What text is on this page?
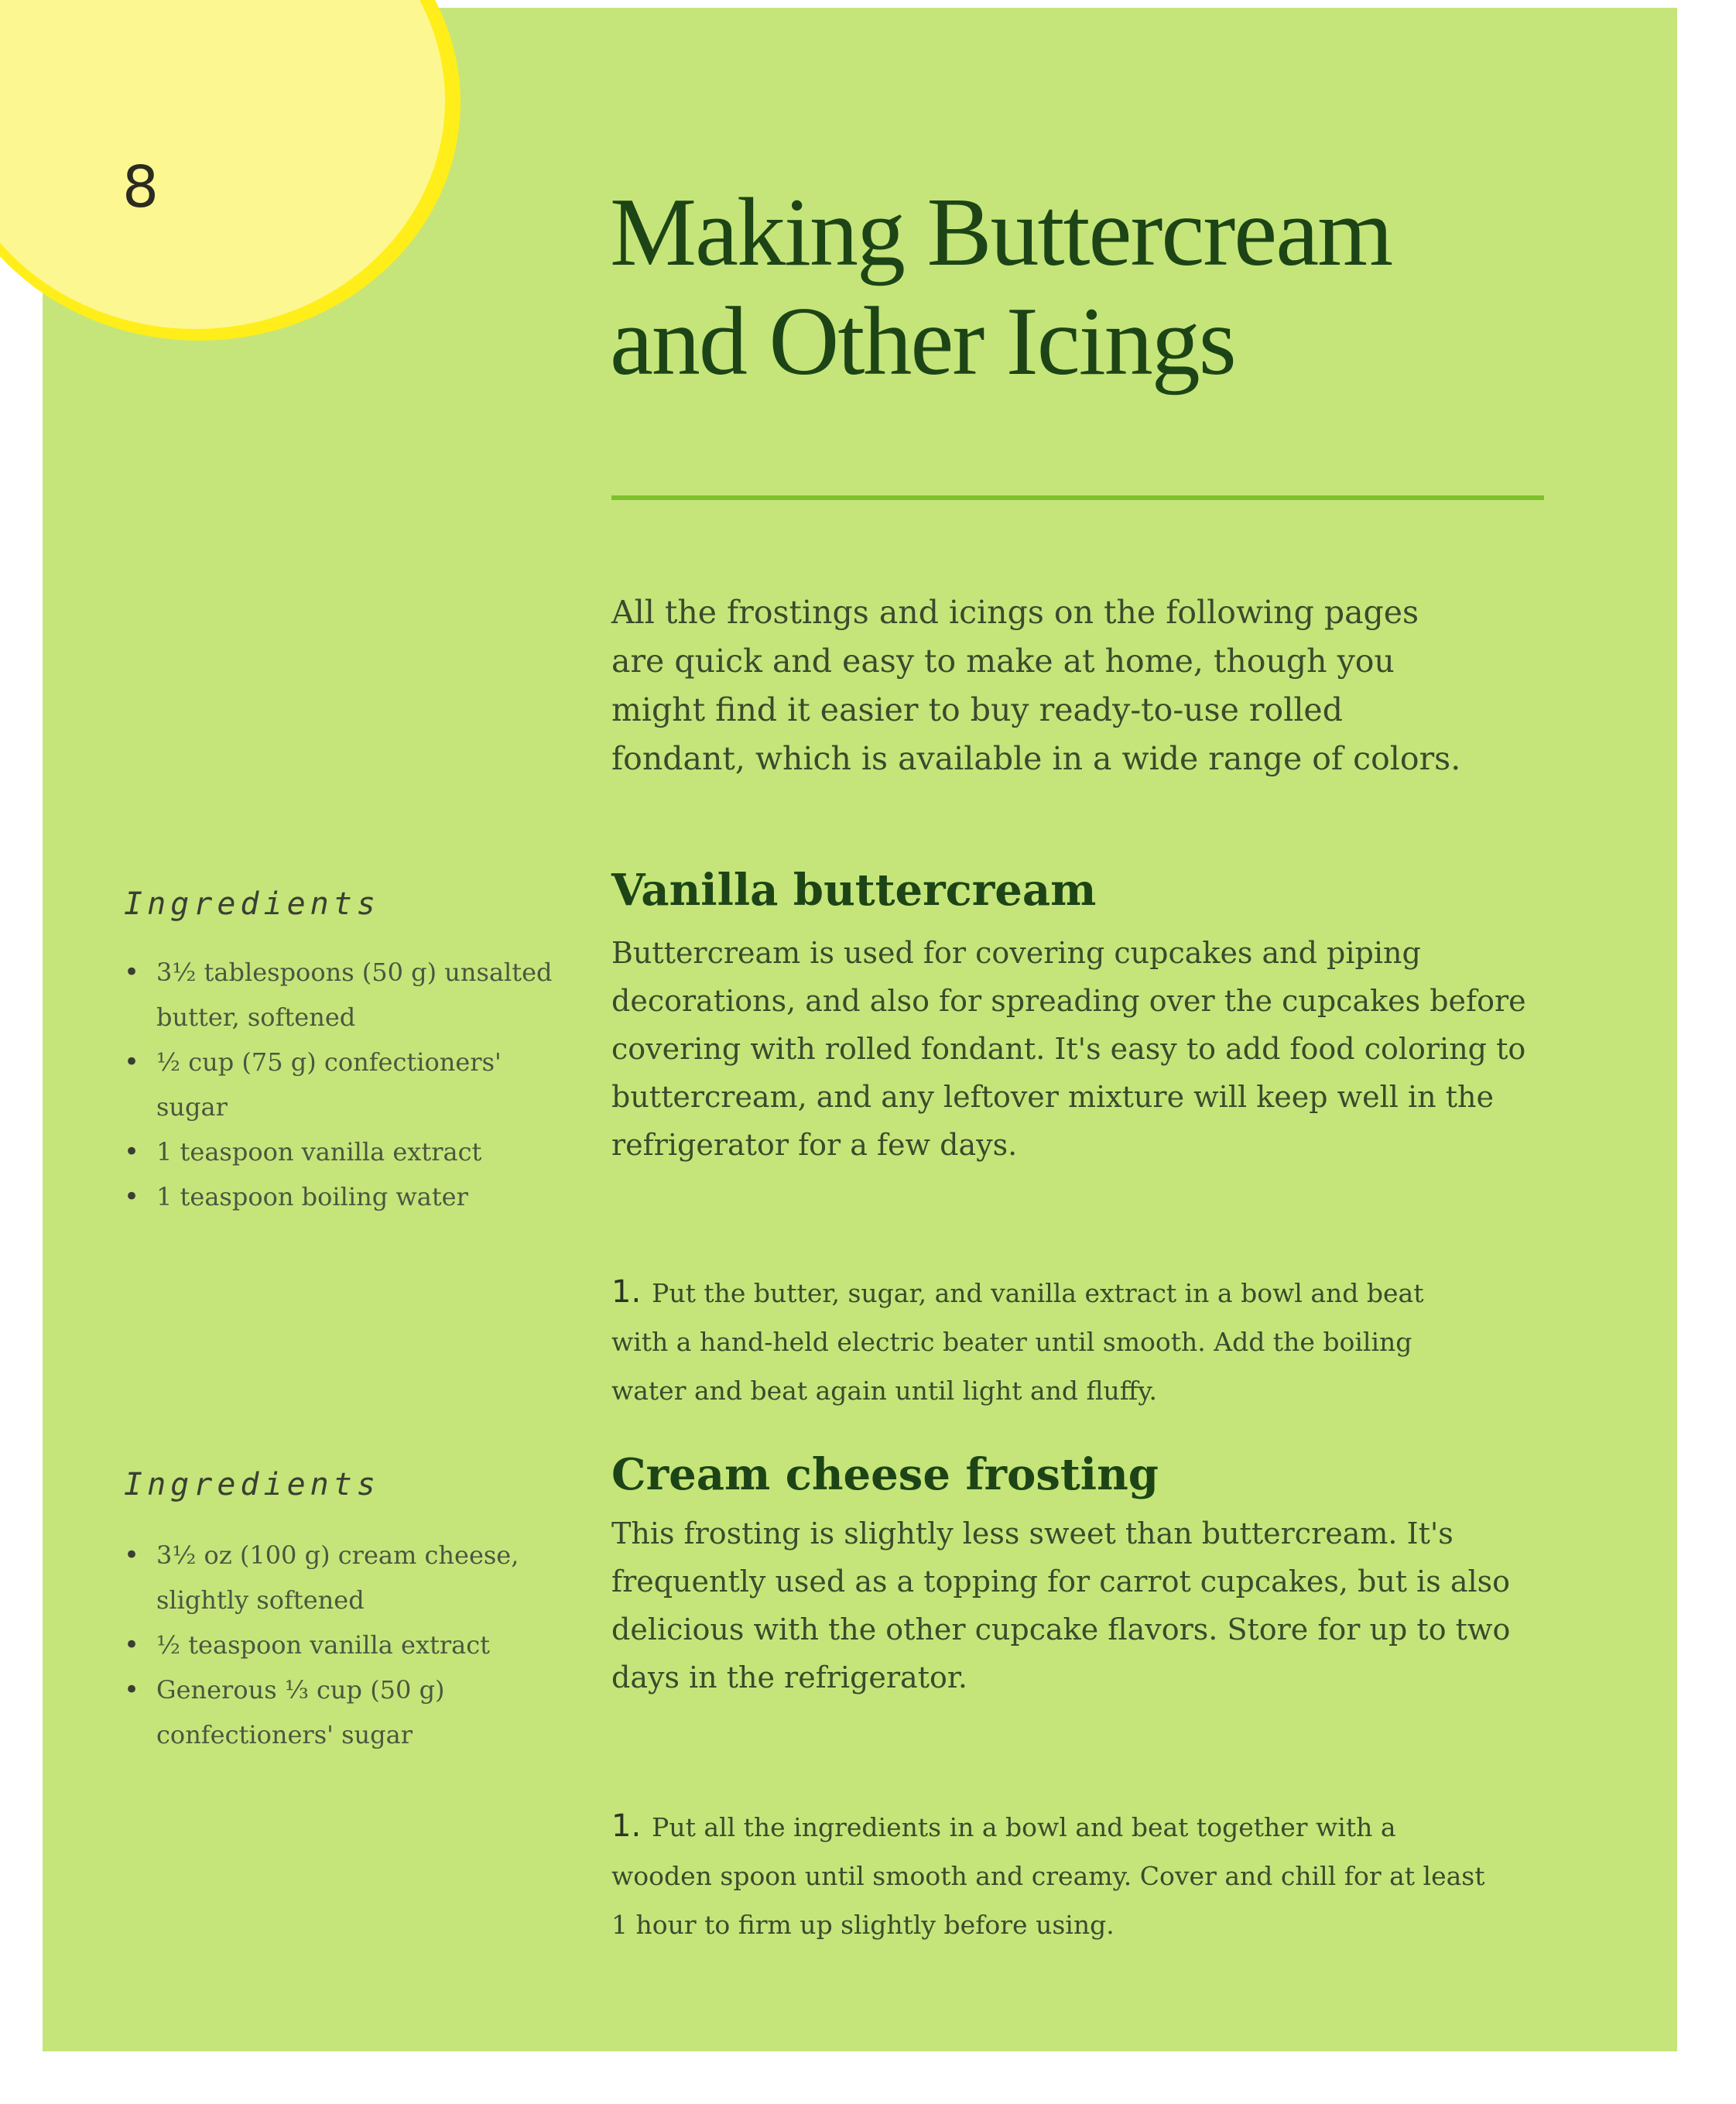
8	Making Buttercream
and Other Icings
All the frostings and icings on the following pages
are quick and easy to make at home, though you
might find it easier to buy ready-to-use rolled
fondant, which is available in a wide range of colors.
Ingredients
• 3½ tablespoons (50 g) unsalted butter, softened
• ½ cup (75 g) confectioners' sugar
• 1 teaspoon vanilla extract
• 1 teaspoon boiling water
Vanilla buttercream
Buttercream is used for covering cupcakes and piping
decorations, and also for spreading over the cupcakes before
covering with rolled fondant. It's easy to add food coloring to
buttercream, and any leftover mixture will keep well in the
refrigerator for a few days.

1. Put the butter, sugar, and vanilla extract in a bowl and beat
with a hand-held electric beater until smooth. Add the boiling
water and beat again until light and fluffy.

Ingredients
• 3½ oz (100 g) cream cheese, slightly softened
• ½ teaspoon vanilla extract
• Generous ⅓ cup (50 g) confectioners' sugar
Cream cheese frosting
This frosting is slightly less sweet than buttercream. It's
frequently used as a topping for carrot cupcakes, but is also
delicious with the other cupcake flavors. Store for up to two
days in the refrigerator.

1. Put all the ingredients in a bowl and beat together with a
wooden spoon until smooth and creamy. Cover and chill for at least
1 hour to firm up slightly before using.
